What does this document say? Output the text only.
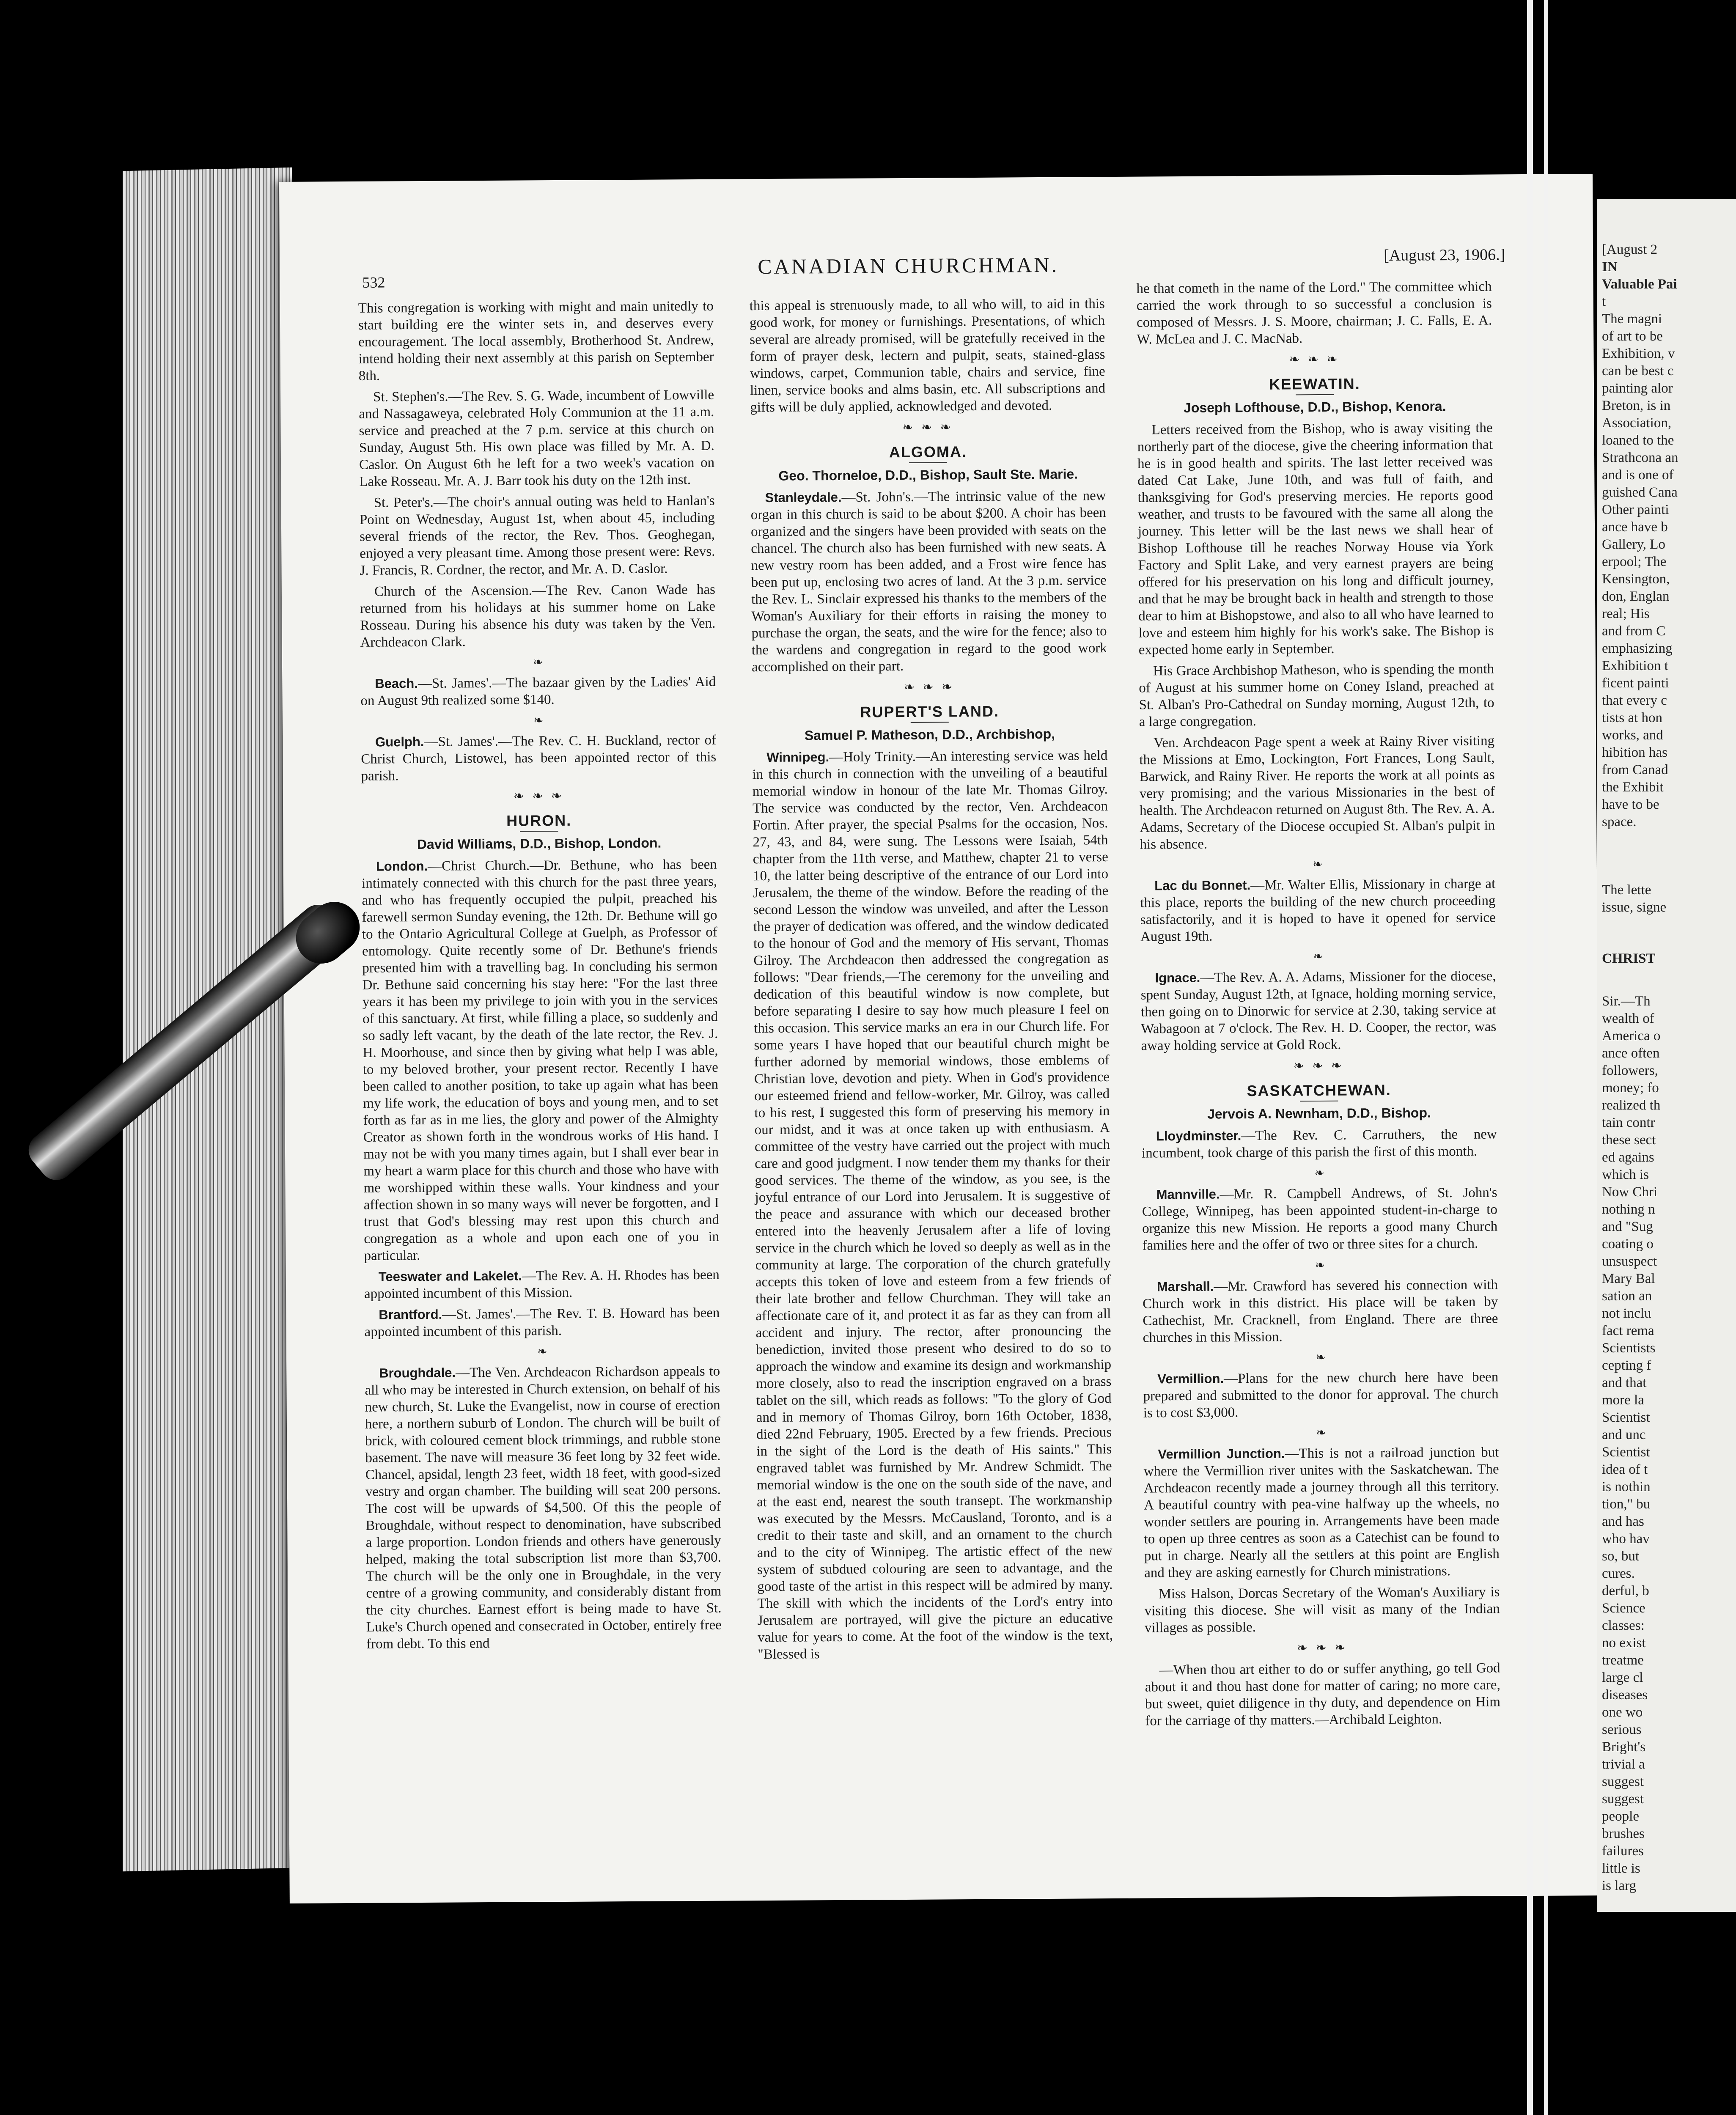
532
CANADIAN CHURCHMAN.	[August 23, 1906.]

This congregation is working with might and main unitedly to start building ere the winter sets in, and deserves every encouragement. The local assembly, Brotherhood St. Andrew, intend holding their next assembly at this parish on September 8th.

St. Stephen's.—The Rev. S. G. Wade, incumbent of Lowville and Nassagaweya, celebrated Holy Communion at the 11 a.m. service and preached at the 7 p.m. service at this church on Sunday, August 5th. His own place was filled by Mr. A. D. Caslor. On August 6th he left for a two week's vacation on Lake Rosseau. Mr. A. J. Barr took his duty on the 12th inst.

St. Peter's.—The choir's annual outing was held to Hanlan's Point on Wednesday, August 1st, when about 45, including several friends of the rector, the Rev. Thos. Geoghegan, enjoyed a very pleasant time. Among those present were: Revs. J. Francis, R. Cordner, the rector, and Mr. A. D. Caslor.

Church of the Ascension.—The Rev. Canon Wade has returned from his holidays at his summer home on Lake Rosseau. During his absence his duty was taken by the Ven. Archdeacon Clark.

❧

Beach.—St. James'.—The bazaar given by the Ladies' Aid on August 9th realized some $140.

❧

Guelph.—St. James'.—The Rev. C. H. Buckland, rector of Christ Church, Listowel, has been appointed rector of this parish.

❧ ❧ ❧
HURON.
David Williams, D.D., Bishop, London.

London.—Christ Church.—Dr. Bethune, who has been intimately connected with this church for the past three years, and who has frequently occupied the pulpit, preached his farewell sermon Sunday evening, the 12th. Dr. Bethune will go to the Ontario Agricultural College at Guelph, as Professor of entomology. Quite recently some of Dr. Bethune's friends presented him with a travelling bag. In concluding his sermon Dr. Bethune said concerning his stay here: "For the last three years it has been my privilege to join with you in the services of this sanctuary. At first, while filling a place, so suddenly and so sadly left vacant, by the death of the late rector, the Rev. J. H. Moorhouse, and since then by giving what help I was able, to my beloved brother, your present rector. Recently I have been called to another position, to take up again what has been my life work, the education of boys and young men, and to set forth as far as in me lies, the glory and power of the Almighty Creator as shown forth in the wondrous works of His hand. I may not be with you many times again, but I shall ever bear in my heart a warm place for this church and those who have with me worshipped within these walls. Your kindness and your affection shown in so many ways will never be forgotten, and I trust that God's blessing may rest upon this church and congregation as a whole and upon each one of you in particular.

Teeswater and Lakelet.—The Rev. A. H. Rhodes has been appointed incumbent of this Mission.

Brantford.—St. James'.—The Rev. T. B. Howard has been appointed incumbent of this parish.

❧

Broughdale.—The Ven. Archdeacon Richardson appeals to all who may be interested in Church extension, on behalf of his new church, St. Luke the Evangelist, now in course of erection here, a northern suburb of London. The church will be built of brick, with coloured cement block trimmings, and rubble stone basement. The nave will measure 36 feet long by 32 feet wide. Chancel, apsidal, length 23 feet, width 18 feet, with good-sized vestry and organ chamber. The building will seat 200 persons. The cost will be upwards of $4,500. Of this the people of Broughdale, without respect to denomination, have subscribed a large proportion. London friends and others have generously helped, making the total subscription list more than $3,700. The church will be the only one in Broughdale, in the very centre of a growing community, and considerably distant from the city churches. Earnest effort is being made to have St. Luke's Church opened and consecrated in October, entirely free from debt. To this end

this appeal is strenuously made, to all who will, to aid in this good work, for money or furnishings. Presentations, of which several are already promised, will be gratefully received in the form of prayer desk, lectern and pulpit, seats, stained-glass windows, carpet, Communion table, chairs and service, fine linen, service books and alms basin, etc. All subscriptions and gifts will be duly applied, acknowledged and devoted.

❧ ❧ ❧
ALGOMA.
Geo. Thorneloe, D.D., Bishop, Sault Ste. Marie.

Stanleydale.—St. John's.—The intrinsic value of the new organ in this church is said to be about $200. A choir has been organized and the singers have been provided with seats on the chancel. The church also has been furnished with new seats. A new vestry room has been added, and a Frost wire fence has been put up, enclosing two acres of land. At the 3 p.m. service the Rev. L. Sinclair expressed his thanks to the members of the Woman's Auxiliary for their efforts in raising the money to purchase the organ, the seats, and the wire for the fence; also to the wardens and congregation in regard to the good work accomplished on their part.

❧ ❧ ❧
RUPERT'S LAND.
Samuel P. Matheson, D.D., Archbishop,

Winnipeg.—Holy Trinity.—An interesting service was held in this church in connection with the unveiling of a beautiful memorial window in honour of the late Mr. Thomas Gilroy. The service was conducted by the rector, Ven. Archdeacon Fortin. After prayer, the special Psalms for the occasion, Nos. 27, 43, and 84, were sung. The Lessons were Isaiah, 54th chapter from the 11th verse, and Matthew, chapter 21 to verse 10, the latter being descriptive of the entrance of our Lord into Jerusalem, the theme of the window. Before the reading of the second Lesson the window was unveiled, and after the Lesson the prayer of dedication was offered, and the window dedicated to the honour of God and the memory of His servant, Thomas Gilroy. The Archdeacon then addressed the congregation as follows: "Dear friends,—The ceremony for the unveiling and dedication of this beautiful window is now complete, but before separating I desire to say how much pleasure I feel on this occasion. This service marks an era in our Church life. For some years I have hoped that our beautiful church might be further adorned by memorial windows, those emblems of Christian love, devotion and piety. When in God's providence our esteemed friend and fellow-worker, Mr. Gilroy, was called to his rest, I suggested this form of preserving his memory in our midst, and it was at once taken up with enthusiasm. A committee of the vestry have carried out the project with much care and good judgment. I now tender them my thanks for their good services. The theme of the window, as you see, is the joyful entrance of our Lord into Jerusalem. It is suggestive of the peace and assurance with which our deceased brother entered into the heavenly Jerusalem after a life of loving service in the church which he loved so deeply as well as in the community at large. The corporation of the church gratefully accepts this token of love and esteem from a few friends of their late brother and fellow Churchman. They will take an affectionate care of it, and protect it as far as they can from all accident and injury. The rector, after pronouncing the benediction, invited those present who desired to do so to approach the window and examine its design and workmanship more closely, also to read the inscription engraved on a brass tablet on the sill, which reads as follows: "To the glory of God and in memory of Thomas Gilroy, born 16th October, 1838, died 22nd February, 1905. Erected by a few friends. Precious in the sight of the Lord is the death of His saints." This engraved tablet was furnished by Mr. Andrew Schmidt. The memorial window is the one on the south side of the nave, and at the east end, nearest the south transept. The workmanship was executed by the Messrs. McCausland, Toronto, and is a credit to their taste and skill, and an ornament to the church and to the city of Winnipeg. The artistic effect of the new system of subdued colouring are seen to advantage, and the good taste of the artist in this respect will be admired by many. The skill with which the incidents of the Lord's entry into Jerusalem are portrayed, will give the picture an educative value for years to come. At the foot of the window is the text, "Blessed is

he that cometh in the name of the Lord." The committee which carried the work through to so successful a conclusion is composed of Messrs. J. S. Moore, chairman; J. C. Falls, E. A. W. McLea and J. C. MacNab.

❧ ❧ ❧
KEEWATIN.
Joseph Lofthouse, D.D., Bishop, Kenora.

Letters received from the Bishop, who is away visiting the northerly part of the diocese, give the cheering information that he is in good health and spirits. The last letter received was dated Cat Lake, June 10th, and was full of faith, and thanksgiving for God's preserving mercies. He reports good weather, and trusts to be favoured with the same all along the journey. This letter will be the last news we shall hear of Bishop Lofthouse till he reaches Norway House via York Factory and Split Lake, and very earnest prayers are being offered for his preservation on his long and difficult journey, and that he may be brought back in health and strength to those dear to him at Bishopstowe, and also to all who have learned to love and esteem him highly for his work's sake. The Bishop is expected home early in September.

His Grace Archbishop Matheson, who is spending the month of August at his summer home on Coney Island, preached at St. Alban's Pro-Cathedral on Sunday morning, August 12th, to a large congregation.

Ven. Archdeacon Page spent a week at Rainy River visiting the Missions at Emo, Lockington, Fort Frances, Long Sault, Barwick, and Rainy River. He reports the work at all points as very promising; and the various Missionaries in the best of health. The Archdeacon returned on August 8th. The Rev. A. A. Adams, Secretary of the Diocese occupied St. Alban's pulpit in his absence.

❧

Lac du Bonnet.—Mr. Walter Ellis, Missionary in charge at this place, reports the building of the new church proceeding satisfactorily, and it is hoped to have it opened for service August 19th.

❧

Ignace.—The Rev. A. A. Adams, Missioner for the diocese, spent Sunday, August 12th, at Ignace, holding morning service, then going on to Dinorwic for service at 2.30, taking service at Wabagoon at 7 o'clock. The Rev. H. D. Cooper, the rector, was away holding service at Gold Rock.

❧ ❧ ❧
SASKATCHEWAN.
Jervois A. Newnham, D.D., Bishop.

Lloydminster.—The Rev. C. Carruthers, the new incumbent, took charge of this parish the first of this month.

❧

Mannville.—Mr. R. Campbell Andrews, of St. John's College, Winnipeg, has been appointed student-in-charge to organize this new Mission. He reports a good many Church families here and the offer of two or three sites for a church.

❧

Marshall.—Mr. Crawford has severed his connection with Church work in this district. His place will be taken by Cathechist, Mr. Cracknell, from England. There are three churches in this Mission.

❧

Vermillion.—Plans for the new church here have been prepared and submitted to the donor for approval. The church is to cost $3,000.

❧

Vermillion Junction.—This is not a railroad junction but where the Vermillion river unites with the Saskatchewan. The Archdeacon recently made a journey through all this territory. A beautiful country with pea-vine halfway up the wheels, no wonder settlers are pouring in. Arrangements have been made to open up three centres as soon as a Catechist can be found to put in charge. Nearly all the settlers at this point are English and they are asking earnestly for Church ministrations.

Miss Halson, Dorcas Secretary of the Woman's Auxiliary is visiting this diocese. She will visit as many of the Indian villages as possible.

❧ ❧ ❧

—When thou art either to do or suffer anything, go tell God about it and thou hast done for matter of caring; no more care, but sweet, quiet diligence in thy duty, and dependence on Him for the carriage of thy matters.—Archibald Leighton.

[August 2
IN
Valuable Pai
t
The magni
of art to be
Exhibition, v
can be best c
painting alor
Breton, is in
Association,
loaned to the
Strathcona an
and is one of
guished Cana
Other painti
ance have b
Gallery, Lo
erpool; The
Kensington,
don, Englan
real; His
and from C
emphasizing
Exhibition t
ficent painti
that every c
tists at hon
works, and
hibition has
from Canad
the Exhibit
have to be
space.
The lette
issue, signe
CHRIST
Sir.—Th
wealth of
America o
ance often
followers,
money; fo
realized th
tain contr
these sect
ed agains
which is
Now Chri
nothing n
and "Sug
coating o
unsuspect
Mary Bal
sation an
not inclu
fact rema
Scientists
cepting f
and that
more la
Scientist
and unc
Scientist
idea of t
is nothin
tion," bu
and has
who hav
so, but
cures.
derful, b
Science
classes:
no exist
treatme
large cl
diseases
one wo
serious
Bright's
trivial a
suggest
suggest
people
brushes
failures
little is
is larg
